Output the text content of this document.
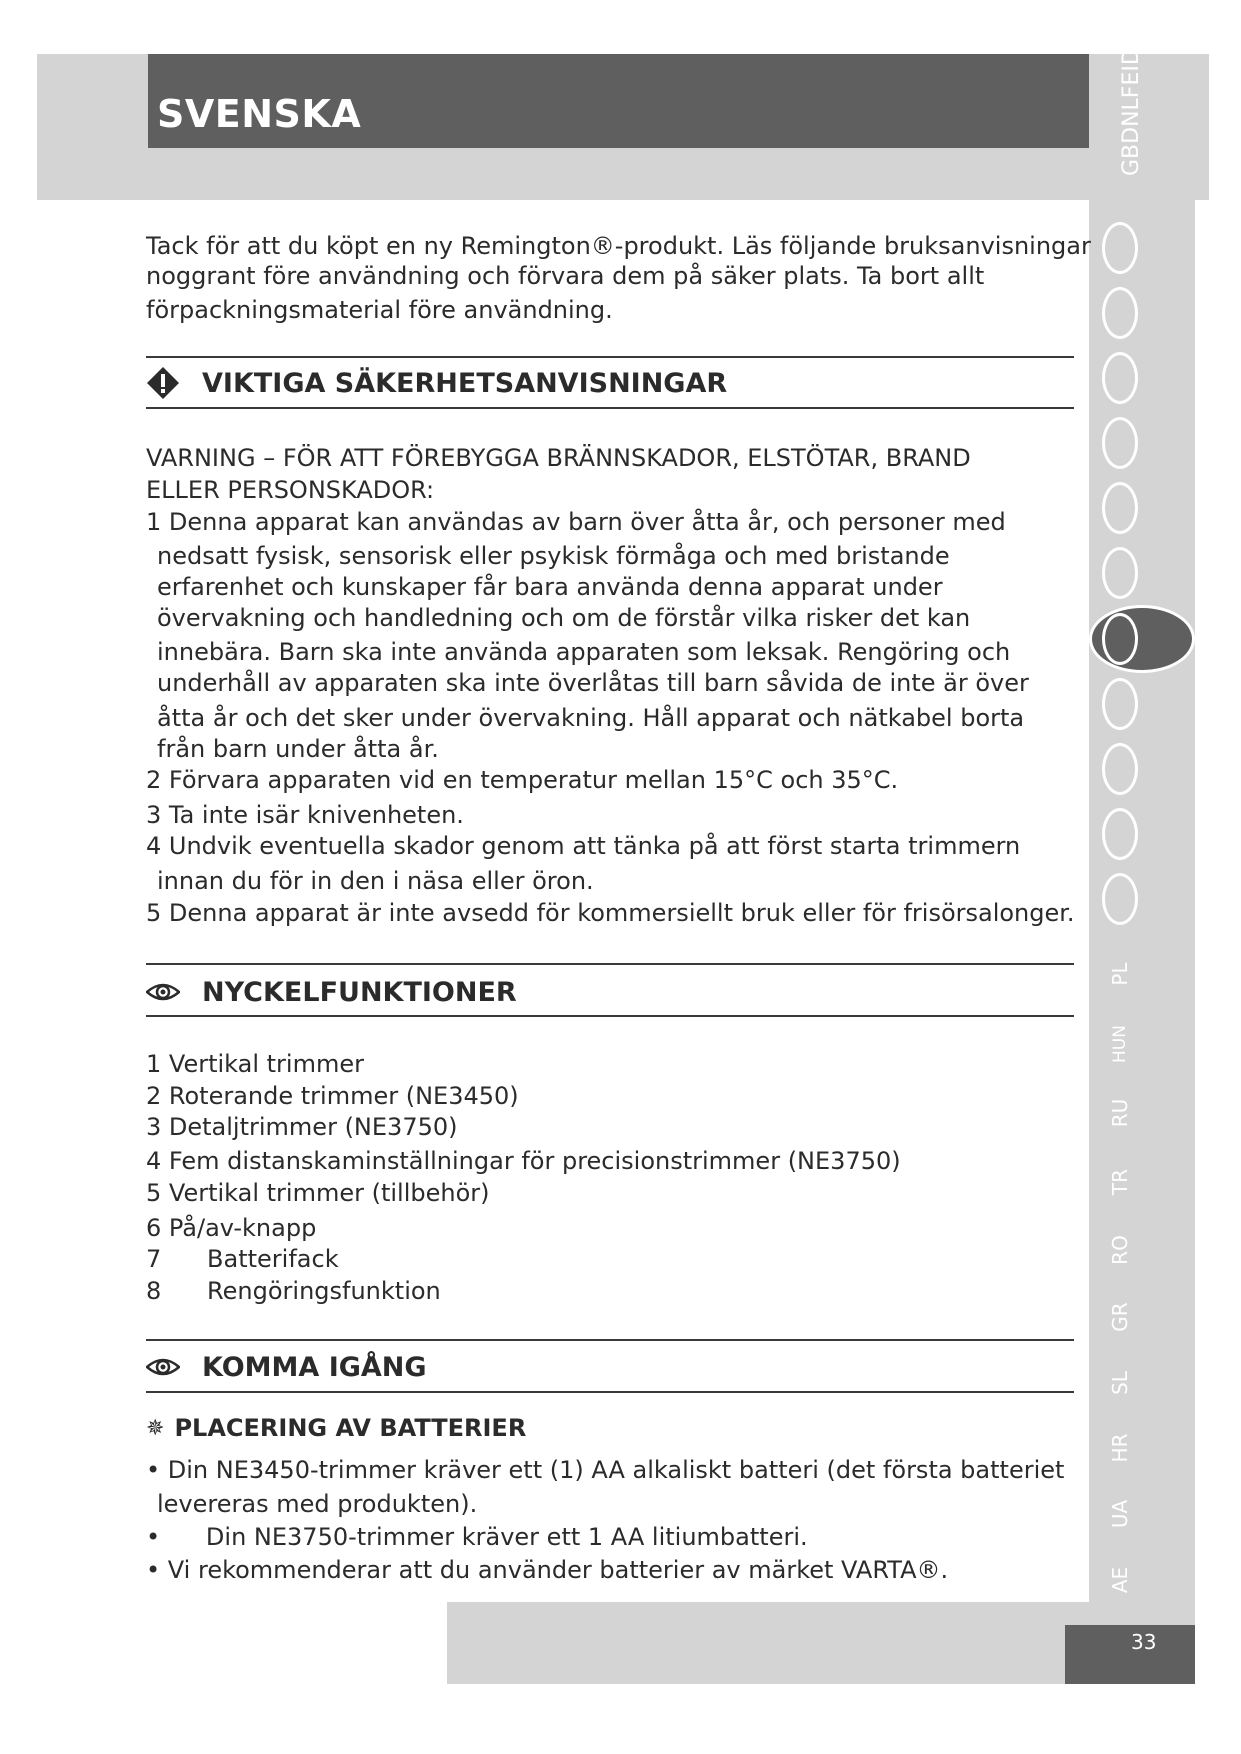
SVENSKA	GBDNLFEID
PL
HUN
RU
TR
RO
GR
SL
HR
UA
AE
Tack för att du köpt en ny Remington®-produkt. Läs följande bruksanvisningar
noggrant före användning och förvara dem på säker plats. Ta bort allt
förpackningsmaterial före användning.
VIKTIGA SÄKERHETSANVISNINGAR
VARNING – FÖR ATT FÖREBYGGA BRÄNNSKADOR, ELSTÖTAR, BRAND
ELLER PERSONSKADOR:
1 Denna apparat kan användas av barn över åtta år, och personer med
nedsatt fysisk, sensorisk eller psykisk förmåga och med bristande
erfarenhet och kunskaper får bara använda denna apparat under
övervakning och handledning och om de förstår vilka risker det kan
innebära. Barn ska inte använda apparaten som leksak. Rengöring och
underhåll av apparaten ska inte överlåtas till barn såvida de inte är över
åtta år och det sker under övervakning. Håll apparat och nätkabel borta
från barn under åtta år.
2 Förvara apparaten vid en temperatur mellan 15°C och 35°C.
3 Ta inte isär knivenheten.
4 Undvik eventuella skador genom att tänka på att först starta trimmern
innan du för in den i näsa eller öron.
5 Denna apparat är inte avsedd för kommersiellt bruk eller för frisörsalonger.
NYCKELFUNKTIONER
1 Vertikal trimmer
2 Roterande trimmer (NE3450)
3 Detaljtrimmer (NE3750)
4 Fem distanskaminställningar för precisionstrimmer (NE3750)
5 Vertikal trimmer (tillbehör)
6 På/av-knapp
7      Batterifack
8      Rengöringsfunktion
KOMMA IGÅNG
✵ PLACERING AV BATTERIER
• Din NE3450-trimmer kräver ett (1) AA alkaliskt batteri (det första batteriet
levereras med produkten).
•      Din NE3750-trimmer kräver ett 1 AA litiumbatteri.
• Vi rekommenderar att du använder batterier av märket VARTA®.
33
